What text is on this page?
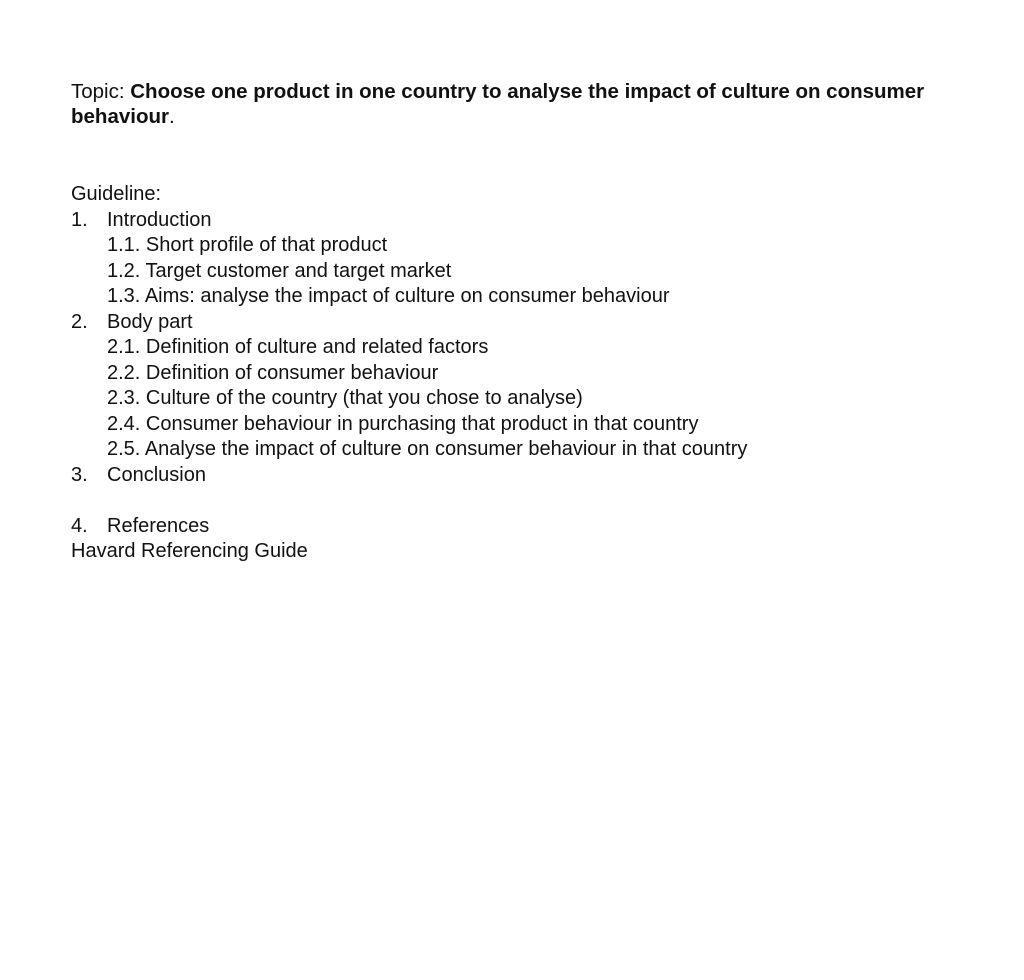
Topic: Choose one product in one country to analyse the impact of culture on consumer behaviour.

Guideline:
1. Introduction
1.1. Short profile of that product
1.2. Target customer and target market
1.3. Aims: analyse the impact of culture on consumer behaviour
2. Body part
2.1. Definition of culture and related factors
2.2. Definition of consumer behaviour
2.3. Culture of the country (that you chose to analyse)
2.4. Consumer behaviour in purchasing that product in that country
2.5. Analyse the impact of culture on consumer behaviour in that country
3. Conclusion
4. References
Havard Referencing Guide
